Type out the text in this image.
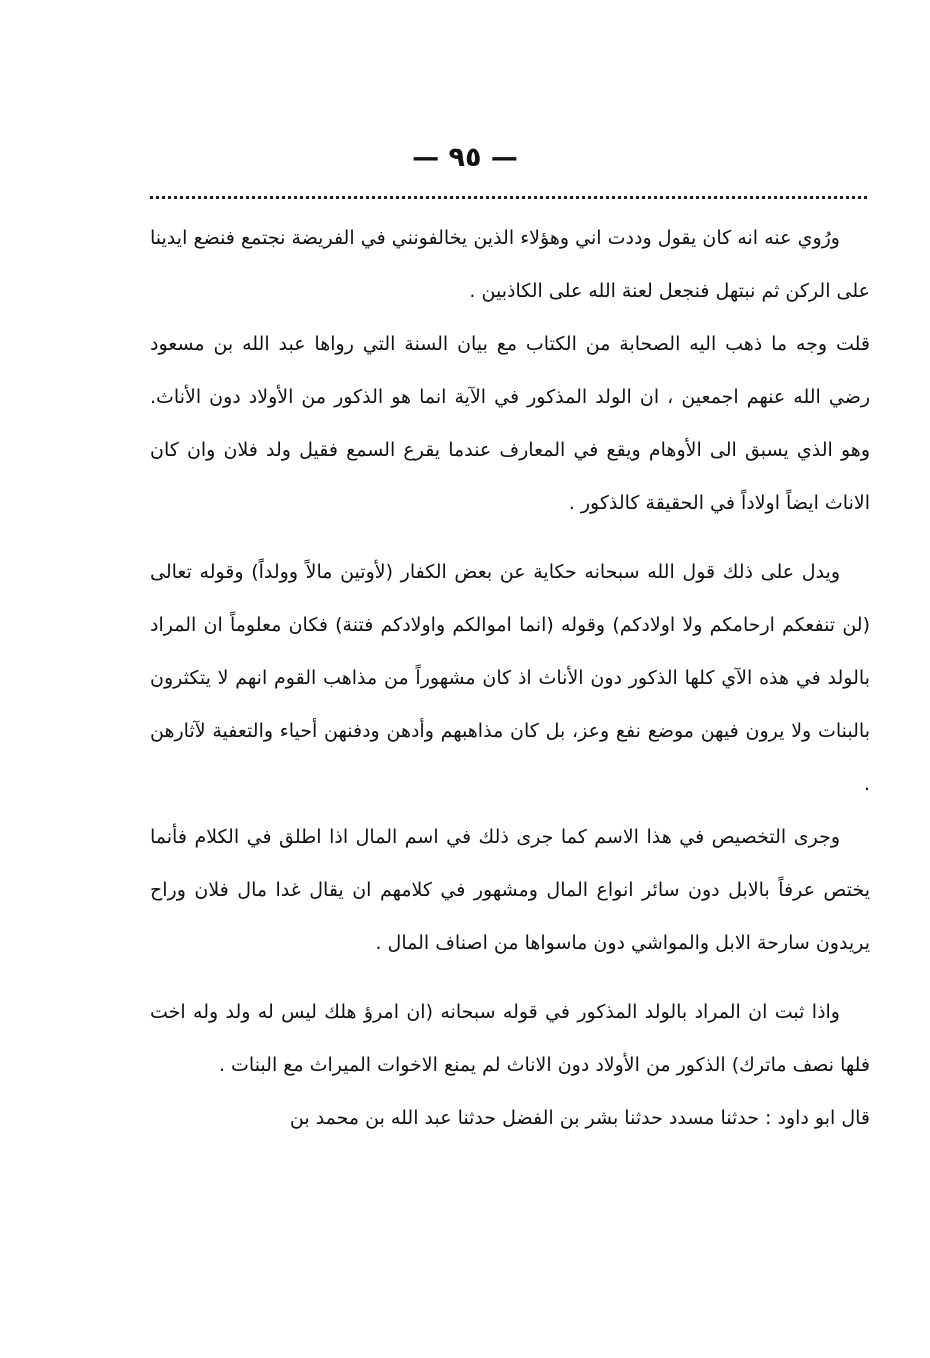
— ٩٥ —

ورُوي عنه انه كان يقول وددت اني وهؤلاء الذين يخالفونني في الفريضة نجتمع فنضع ايدينا على الركن ثم نبتهل فنجعل لعنة الله على الكاذبين .

قلت وجه ما ذهب اليه الصحابة من الكتاب مع بيان السنة التي رواها عبد الله بن مسعود رضي الله عنهم اجمعين ، ان الولد المذكور في الآية انما هو الذكور من الأولاد دون الأناث. وهو الذي يسبق الى الأوهام ويقع في المعارف عندما يقرع السمع فقيل ولد فلان وان كان الاناث ايضاً اولاداً في الحقيقة كالذكور .

ويدل على ذلك قول الله سبحانه حكاية عن بعض الكفار (لأوتين مالاً وولداً) وقوله تعالى (لن تنفعكم ارحامكم ولا اولادكم) وقوله (انما اموالكم واولادكم فتنة) فكان معلوماً ان المراد بالولد في هذه الآي كلها الذكور دون الأناث اذ كان مشهوراً من مذاهب القوم انهم لا يتكثرون بالبنات ولا يرون فيهن موضع نفع وعز، بل كان مذاهبهم وأدهن ودفنهن أحياء والتعفية لآثارهن .

وجرى التخصيص في هذا الاسم كما جرى ذلك في اسم المال اذا اطلق في الكلام فأنما يختص عرفاً بالابل دون سائر انواع المال ومشهور في كلامهم ان يقال غدا مال فلان وراح يريدون سارحة الابل والمواشي دون ماسواها من اصناف المال .

واذا ثبت ان المراد بالولد المذكور في قوله سبحانه (ان امرؤ هلك ليس له ولد وله اخت فلها نصف ماترك) الذكور من الأولاد دون الاناث لم يمنع الاخوات الميراث مع البنات .

قال ابو داود : حدثنا مسدد حدثنا بشر بن الفضل حدثنا عبد الله بن محمد بن
